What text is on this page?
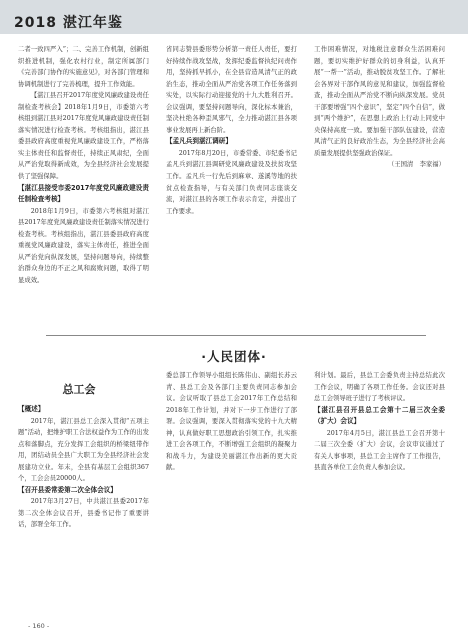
2018 湛江年鉴

二者一致四严入”；二、完善工作机制，创新组织推进机制，强化农村行业，制定所属部门《完善部门协作的实施意见》，对各部门管理和协调机制进行了完善梳理，提升工作效能。

【湛江县召开2017年度党风廉政建设责任制检查考核会】2018年1月9日，市委第六考核组到湛江县对2017年度党风廉政建设责任制落实情况进行检查考核。考核组指出，湛江县委县政府高度重视党风廉政建设工作，严格落实主体责任和监督责任，持续正风肃纪，全面从严治党取得新成效，为全县经济社会发展提供了坚强保障。

【湛江县接受市委2017年度党风廉政建设责任制检查考核】

2018年1月9日，市委第六考核组对湛江县2017年度党风廉政建设责任制落实情况进行检查考核。考核组指出，湛江县委县政府高度重视党风廉政建设，落实主体责任，推进全面从严治党向纵深发展，坚持问题导向，持续整治群众身边的不正之风和腐败问题，取得了明显成效。

省同志赞县委形势分析第一责任人责任，要打好持续作战攻坚战，发挥纪委监督执纪问责作用，坚持抓早抓小，在全县营造风清气正的政治生态，推动全面从严治党各项工作任务落到实处，以实际行动迎接党的十九大胜利召开。会议强调，要坚持问题导向，深化标本兼治，坚决杜绝各种歪风邪气，全力推动湛江县各项事业发展再上新台阶。

【孟凡兵到湛江调研】

2017年8月20日，市委常委、市纪委书记孟凡兵到湛江县调研党风廉政建设及扶贫攻坚工作。孟凡兵一行先后到麻章、遂溪等地的扶贫点检查指导，与有关部门负责同志座谈交流，对湛江县的各项工作表示肯定，并提出了工作要求。

工作困难情况，对地税注意群众生活困难问题，要切实维护好群众的切身利益，认真开展“一帮一”活动，推动脱贫攻坚工作。了解社会各界对干部作风的意见和建议，加强监督检查，推动全面从严治党不断向纵深发展。党员干部要增强“四个意识”，坚定“四个自信”，做到“两个维护”，在思想上政治上行动上同党中央保持高度一致。要加强干部队伍建设，营造风清气正的良好政治生态，为全县经济社会高质量发展提供坚强政治保证。

（王国清　李家福）

·人民团体·
总工会

【概述】

2017年，湛江县总工会深入贯彻“五项主题”活动，把维护职工合法权益作为工作的出发点和落脚点，充分发挥工会组织的桥梁纽带作用，团结动员全县广大职工为全县经济社会发展建功立业。年末，全县有基层工会组织367个，工会会员20000人。

【召开县委常委第二次全体会议】

2017年3月27日，中共湛江县委2017年第二次全体会议召开，县委书记作了重要讲话，部署全年工作。

委总部工作领导小组组长陈伟山、副组长苏云青、县总工会及各部门主要负责同志参加会议。会议听取了县总工会2017年工作总结和2018年工作计划，并对下一步工作进行了部署。会议强调，要深入贯彻落实党的十九大精神，认真做好职工思想政治引领工作，扎实推进工会各项工作，不断增强工会组织的凝聚力和战斗力，为建设美丽湛江作出新的更大贡献。

利计划。最后，县总工会委负责主持总结此次工作会议，明确了各项工作任务。会议还对县总工会领导班子进行了考核评议。

【湛江县召开县总工会第十二届三次全委（扩大）会议】

2017年4月5日，湛江县总工会召开第十二届三次全委（扩大）会议，会议审议通过了有关人事事项，县总工会主席作了工作报告，县直各单位工会负责人参加会议。

- 160 -
